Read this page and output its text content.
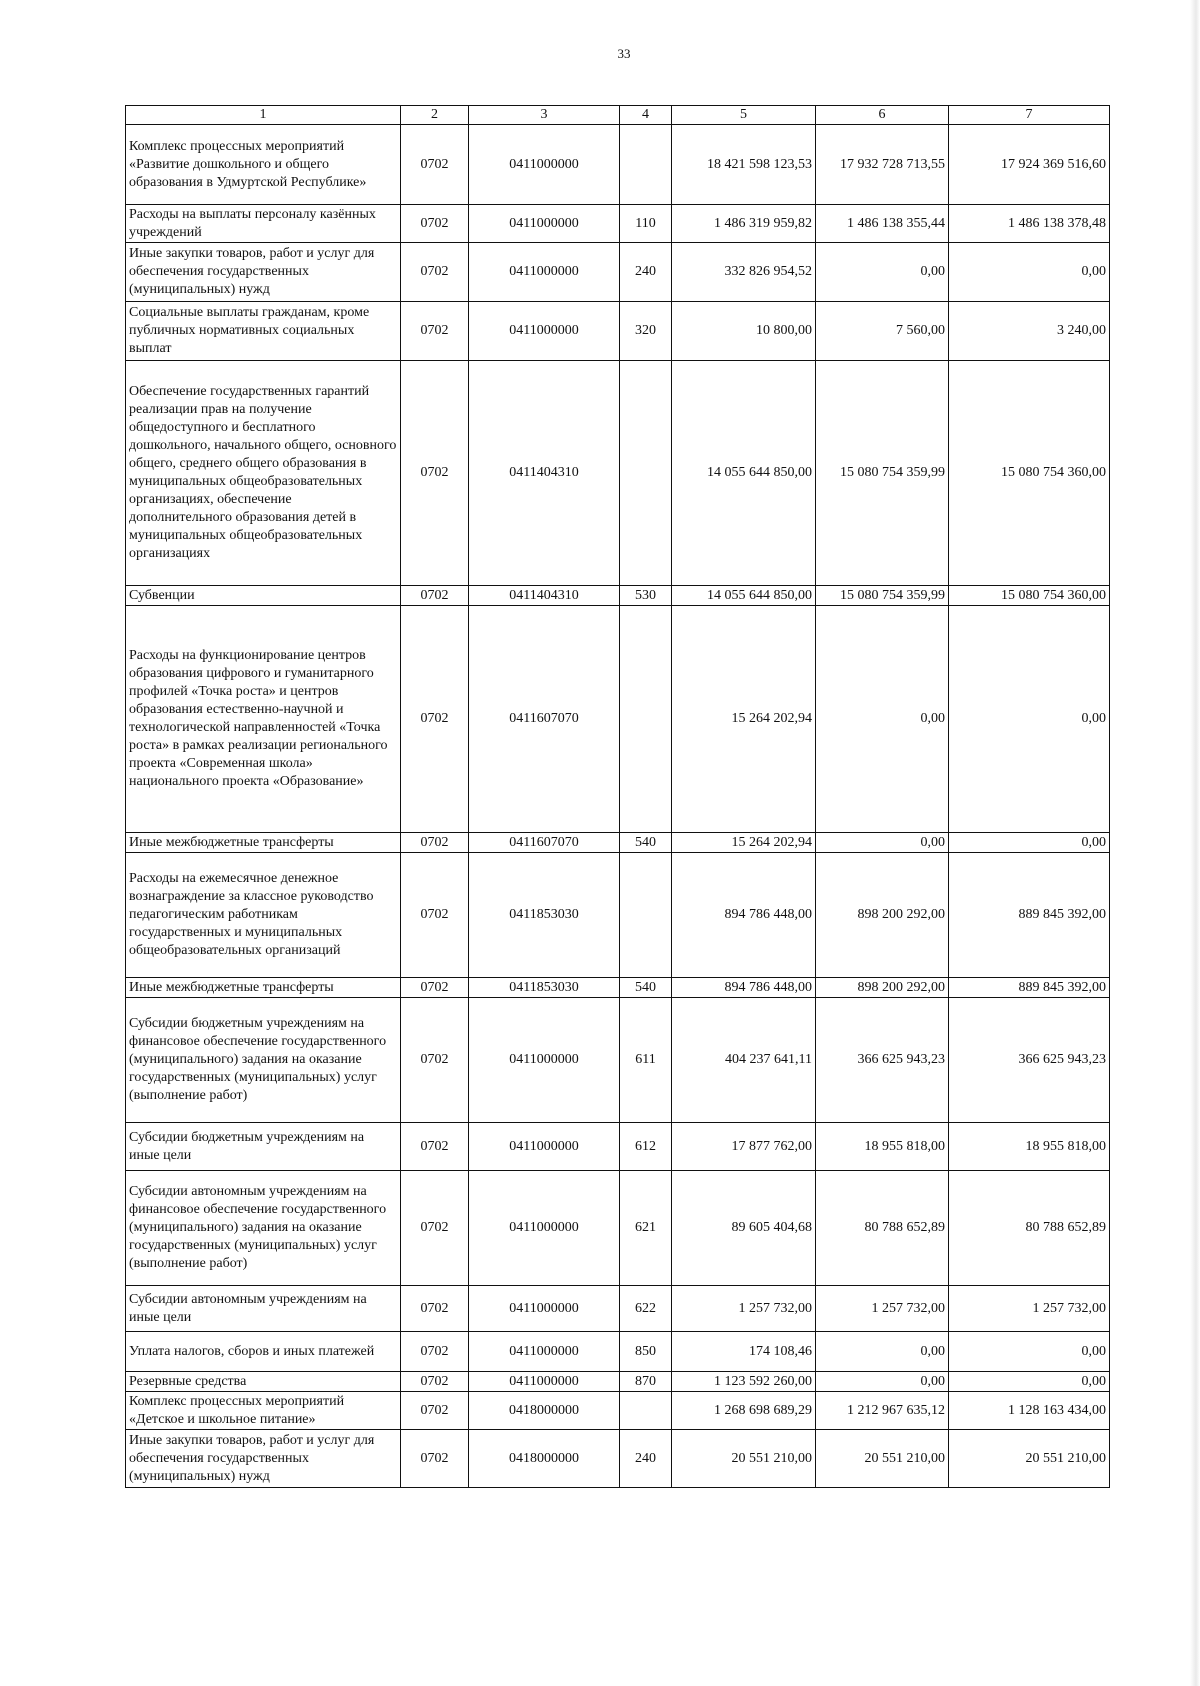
33
1	2	3	4	5	6	7
Комплекс процессных мероприятий «Развитие дошкольного и общего образования в Удмуртской Республике»	0702	0411000000		18 421 598 123,53	17 932 728 713,55	17 924 369 516,60
Расходы на выплаты персоналу казённых учреждений	0702	0411000000	110	1 486 319 959,82	1 486 138 355,44	1 486 138 378,48
Иные закупки товаров, работ и услуг для обеспечения государственных (муниципальных) нужд	0702	0411000000	240	332 826 954,52	0,00	0,00
Социальные выплаты гражданам, кроме публичных нормативных социальных выплат	0702	0411000000	320	10 800,00	7 560,00	3 240,00
Обеспечение государственных гарантий реализации прав на получение общедоступного и бесплатного дошкольного, начального общего, основного общего, среднего общего образования в муниципальных общеобразовательных организациях, обеспечение дополнительного образования детей в муниципальных общеобразовательных организациях	0702	0411404310		14 055 644 850,00	15 080 754 359,99	15 080 754 360,00
Субвенции	0702	0411404310	530	14 055 644 850,00	15 080 754 359,99	15 080 754 360,00
Расходы на функционирование центров образования цифрового и гуманитарного профилей «Точка роста» и центров образования естественно-научной и технологической направленностей «Точка роста» в рамках реализации регионального проекта «Современная школа» национального проекта «Образование»	0702	0411607070		15 264 202,94	0,00	0,00
Иные межбюджетные трансферты	0702	0411607070	540	15 264 202,94	0,00	0,00
Расходы на ежемесячное денежное вознаграждение за классное руководство педагогическим работникам государственных и муниципальных общеобразовательных организаций	0702	0411853030		894 786 448,00	898 200 292,00	889 845 392,00
Иные межбюджетные трансферты	0702	0411853030	540	894 786 448,00	898 200 292,00	889 845 392,00
Субсидии бюджетным учреждениям на финансовое обеспечение государственного (муниципального) задания на оказание государственных (муниципальных) услуг (выполнение работ)	0702	0411000000	611	404 237 641,11	366 625 943,23	366 625 943,23
Субсидии бюджетным учреждениям на иные цели	0702	0411000000	612	17 877 762,00	18 955 818,00	18 955 818,00
Субсидии автономным учреждениям на финансовое обеспечение государственного (муниципального) задания на оказание государственных (муниципальных) услуг (выполнение работ)	0702	0411000000	621	89 605 404,68	80 788 652,89	80 788 652,89
Субсидии автономным учреждениям на иные цели	0702	0411000000	622	1 257 732,00	1 257 732,00	1 257 732,00
Уплата налогов, сборов и иных платежей	0702	0411000000	850	174 108,46	0,00	0,00
Резервные средства	0702	0411000000	870	1 123 592 260,00	0,00	0,00
Комплекс процессных мероприятий «Детское и школьное питание»	0702	0418000000		1 268 698 689,29	1 212 967 635,12	1 128 163 434,00
Иные закупки товаров, работ и услуг для обеспечения государственных (муниципальных) нужд	0702	0418000000	240	20 551 210,00	20 551 210,00	20 551 210,00
